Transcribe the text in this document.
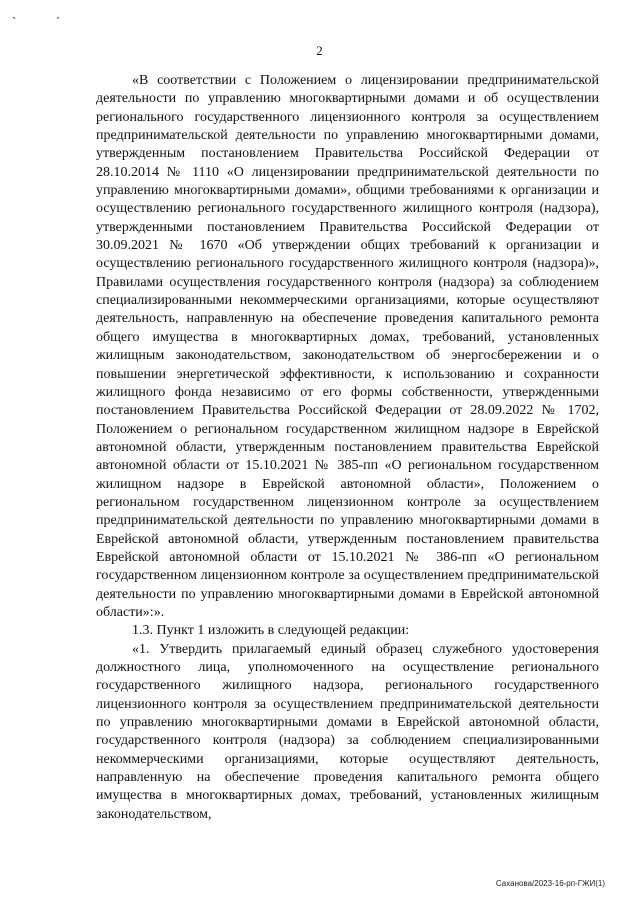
` ´
2

«В соответствии с Положением о лицензировании предпринимательской деятельности по управлению многоквартирными домами и об осуществлении регионального государственного лицензионного контроля за осуществлением предпринимательской деятельности по управлению многоквартирными домами, утвержденным постановлением Правительства Российской Федерации от 28.10.2014 № 1110 «О лицензировании предпринимательской деятельности по управлению многоквартирными домами», общими требованиями к организации и осуществлению регионального государственного жилищного контроля (надзора), утвержденными постановлением Правительства Российской Федерации от 30.09.2021 № 1670 «Об утверждении общих требований к организации и осуществлению регионального государственного жилищного контроля (надзора)», Правилами осуществления государственного контроля (надзора) за соблюдением специализированными некоммерческими организациями, которые осуществляют деятельность, направленную на обеспечение проведения капитального ремонта общего имущества в многоквартирных домах, требований, установленных жилищным законодательством, законодательством об энергосбережении и о повышении энергетической эффективности, к использованию и сохранности жилищного фонда независимо от его формы собственности, утвержденными постановлением Правительства Российской Федерации от 28.09.2022 № 1702, Положением о региональном государственном жилищном надзоре в Еврейской автономной области, утвержденным постановлением правительства Еврейской автономной области от 15.10.2021 № 385-пп «О региональном государственном жилищном надзоре в Еврейской автономной области», Положением о региональном государственном лицензионном контроле за осуществлением предпринимательской деятельности по управлению многоквартирными домами в Еврейской автономной области, утвержденным постановлением правительства Еврейской автономной области от 15.10.2021 № 386-пп «О региональном государственном лицензионном контроле за осуществлением предпринимательской деятельности по управлению многоквартирными домами в Еврейской автономной области»:».

1.3. Пункт 1 изложить в следующей редакции:

«1. Утвердить прилагаемый единый образец служебного удостоверения должностного лица, уполномоченного на осуществление регионального государственного жилищного надзора, регионального государственного лицензионного контроля за осуществлением предпринимательской деятельности по управлению многоквартирными домами в Еврейской автономной области, государственного контроля (надзора) за соблюдением специализированными некоммерческими организациями, которые осуществляют деятельность, направленную на обеспечение проведения капитального ремонта общего имущества в многоквартирных домах, требований, установленных жилищным законодательством,

Саханова/2023-16-рп-ГЖИ(1)
